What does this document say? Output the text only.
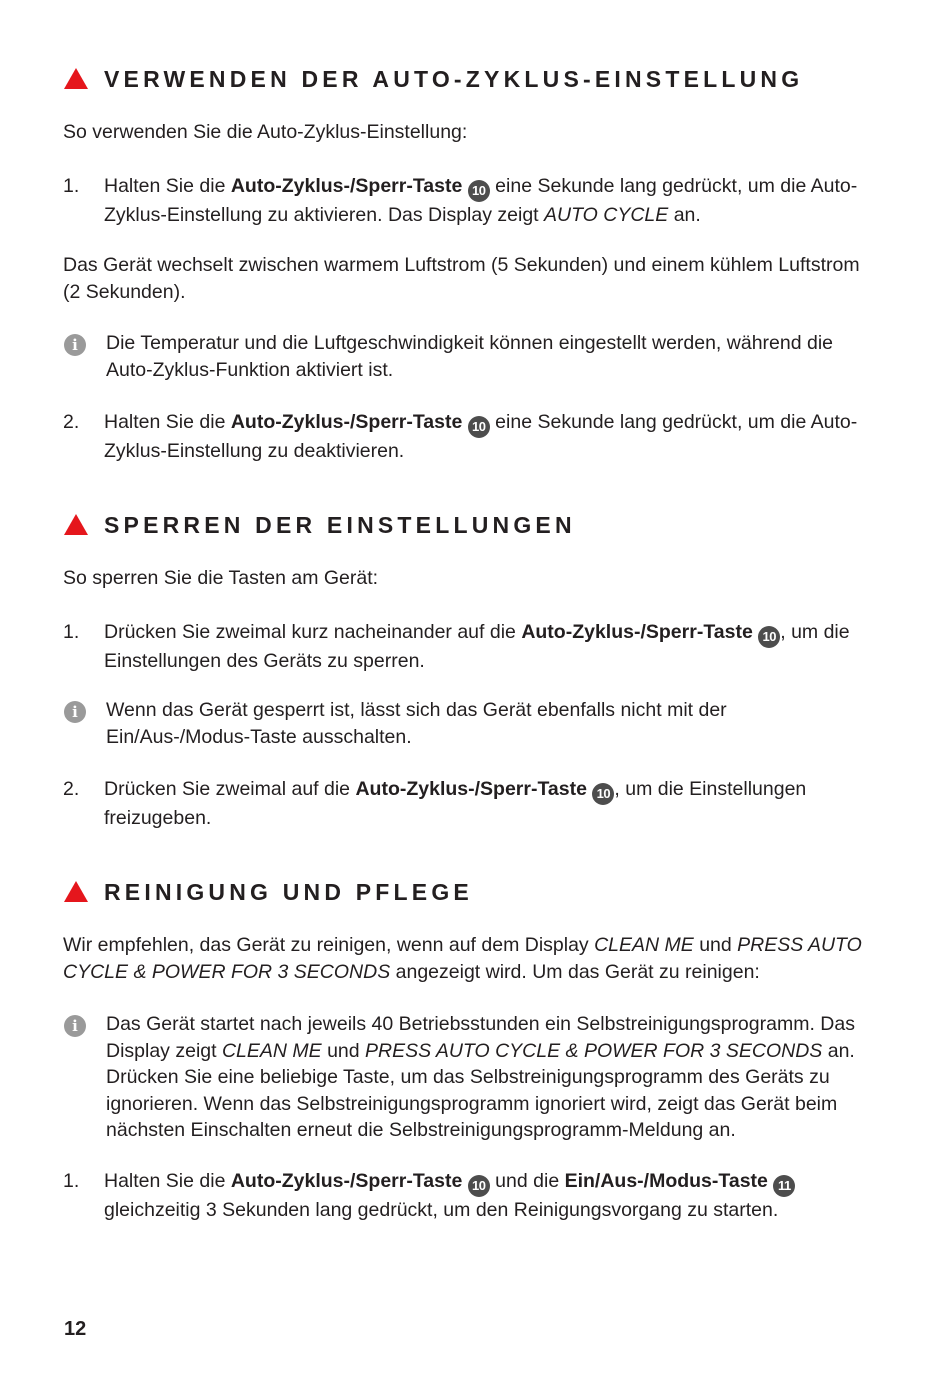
VERWENDEN DER AUTO-ZYKLUS-EINSTELLUNG
So verwenden Sie die Auto-Zyklus-Einstellung:
1. Halten Sie die Auto-Zyklus-/Sperr-Taste 10 eine Sekunde lang gedrückt, um die Auto-Zyklus-Einstellung zu aktivieren. Das Display zeigt AUTO CYCLE an.
Das Gerät wechselt zwischen warmem Luftstrom (5 Sekunden) und einem kühlem Luftstrom (2 Sekunden).
i	Die Temperatur und die Luftgeschwindigkeit können eingestellt werden, während die Auto-Zyklus-Funktion aktiviert ist.
2. Halten Sie die Auto-Zyklus-/Sperr-Taste 10 eine Sekunde lang gedrückt, um die Auto-Zyklus-Einstellung zu deaktivieren.
SPERREN DER EINSTELLUNGEN
So sperren Sie die Tasten am Gerät:
1. Drücken Sie zweimal kurz nacheinander auf die Auto-Zyklus-/Sperr-Taste 10 , um die Einstellungen des Geräts zu sperren.
i	Wenn das Gerät gesperrt ist, lässt sich das Gerät ebenfalls nicht mit der Ein/Aus-/Modus-Taste ausschalten.
2. Drücken Sie zweimal auf die Auto-Zyklus-/Sperr-Taste 10 , um die Einstellungen freizugeben.
REINIGUNG UND PFLEGE
Wir empfehlen, das Gerät zu reinigen, wenn auf dem Display CLEAN ME und PRESS AUTO CYCLE & POWER FOR 3 SECONDS angezeigt wird. Um das Gerät zu reinigen:
i	Das Gerät startet nach jeweils 40 Betriebsstunden ein Selbstreinigungsprogramm. Das Display zeigt CLEAN ME und PRESS AUTO CYCLE & POWER FOR 3 SECONDS an. Drücken Sie eine beliebige Taste, um das Selbstreinigungsprogramm des Geräts zu ignorieren. Wenn das Selbstreinigungsprogramm ignoriert wird, zeigt das Gerät beim nächsten Einschalten erneut die Selbstreinigungsprogramm-Meldung an.
1. Halten Sie die Auto-Zyklus-/Sperr-Taste 10 und die Ein/Aus-/Modus-Taste 11 gleichzeitig 3 Sekunden lang gedrückt, um den Reinigungsvorgang zu starten.
12
